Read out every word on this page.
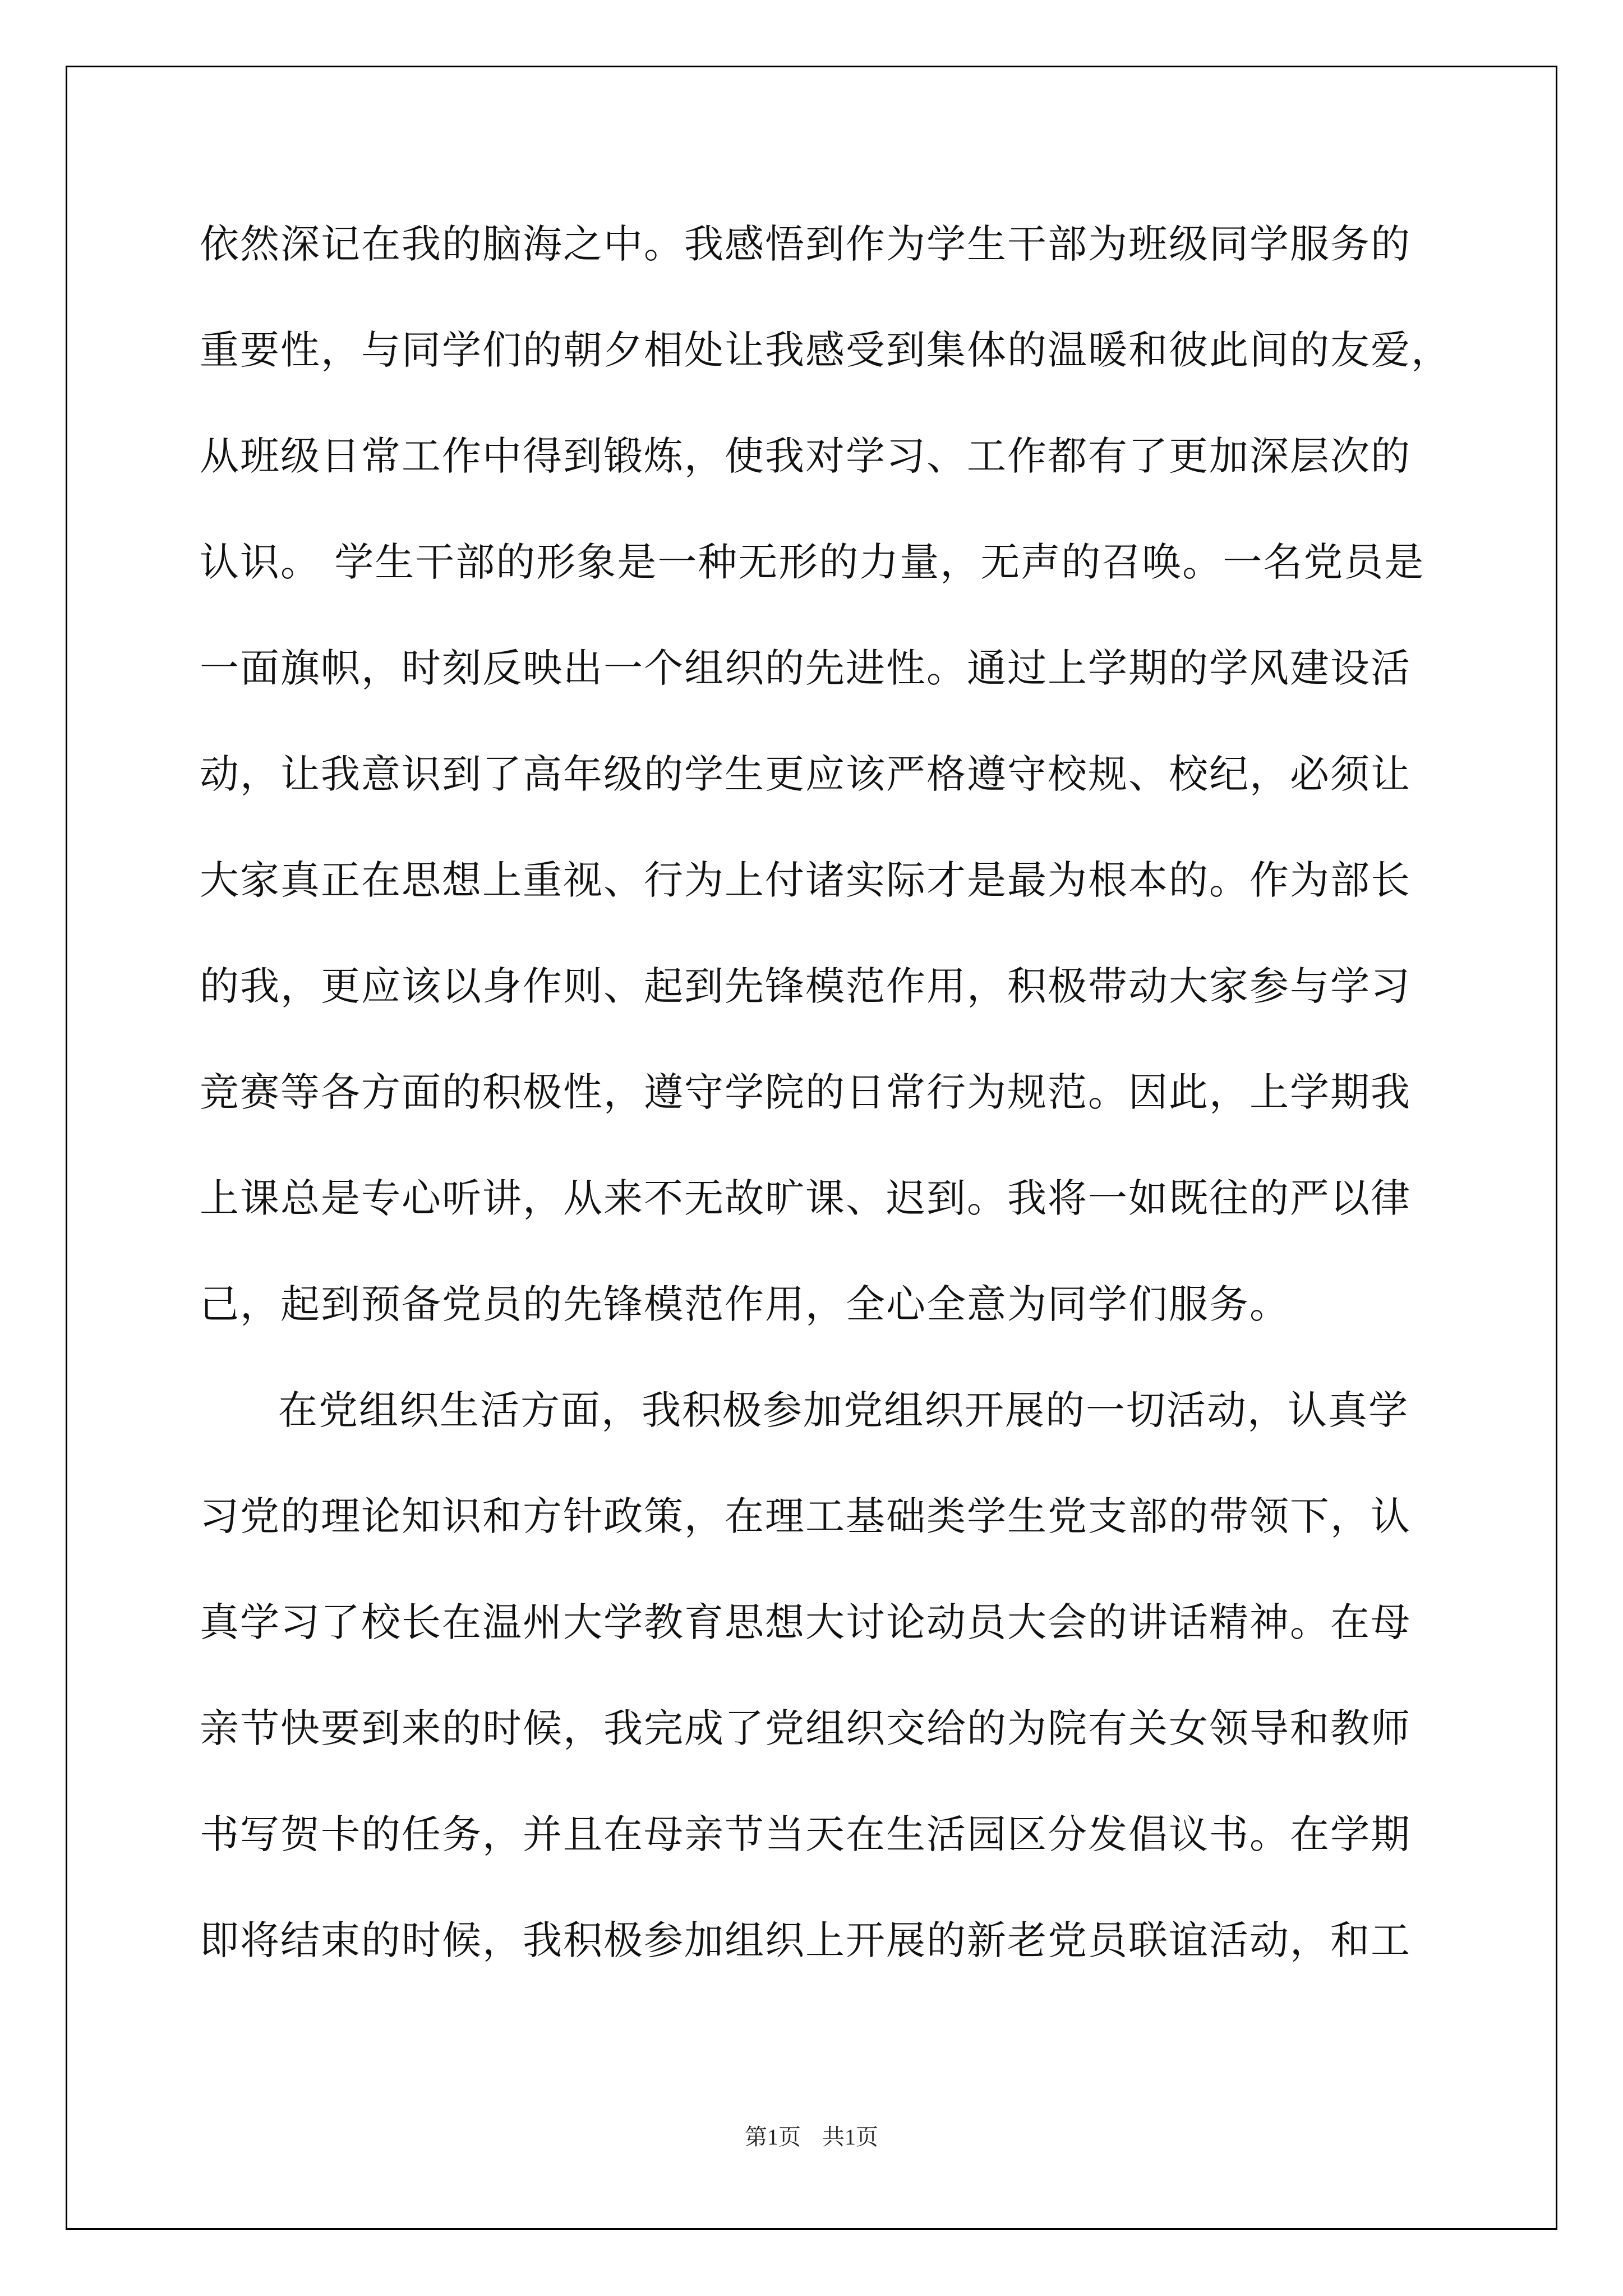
依然深记在我的脑海之中。我感悟到作为学生干部为班级同学服务的
重要性，与同学们的朝夕相处让我感受到集体的温暖和彼此间的友爱，
从班级日常工作中得到锻炼，使我对学习、工作都有了更加深层次的
认识。 学生干部的形象是一种无形的力量，无声的召唤。一名党员是
一面旗帜，时刻反映出一个组织的先进性。通过上学期的学风建设活
动，让我意识到了高年级的学生更应该严格遵守校规、校纪，必须让
大家真正在思想上重视、行为上付诸实际才是最为根本的。作为部长
的我，更应该以身作则、起到先锋模范作用，积极带动大家参与学习
竞赛等各方面的积极性，遵守学院的日常行为规范。因此，上学期我
上课总是专心听讲，从来不无故旷课、迟到。我将一如既往的严以律
己，起到预备党员的先锋模范作用，全心全意为同学们服务。
在党组织生活方面，我积极参加党组织开展的一切活动，认真学
习党的理论知识和方针政策，在理工基础类学生党支部的带领下，认
真学习了校长在温州大学教育思想大讨论动员大会的讲话精神。在母
亲节快要到来的时候，我完成了党组织交给的为院有关女领导和教师
书写贺卡的任务，并且在母亲节当天在生活园区分发倡议书。在学期
即将结束的时候，我积极参加组织上开展的新老党员联谊活动，和工
第1页 共1页
